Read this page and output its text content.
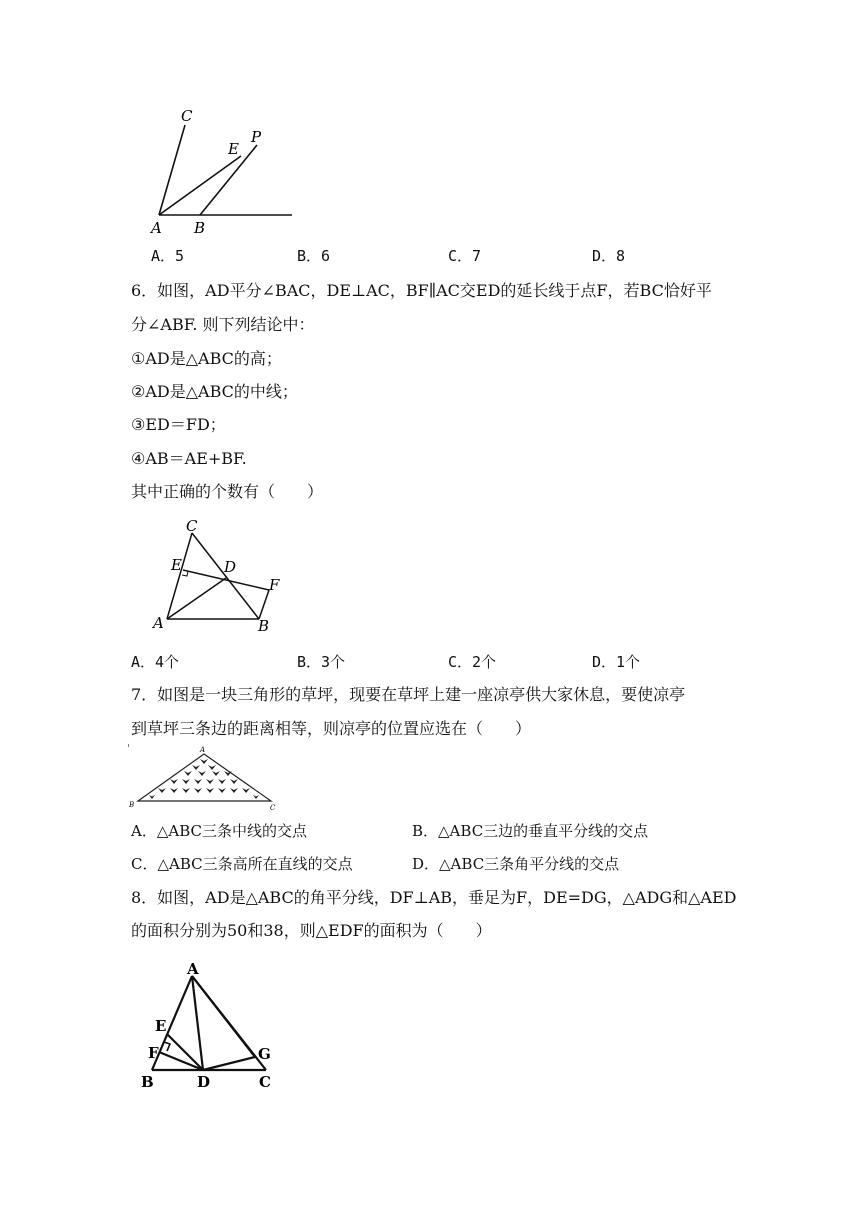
C
P
E
A B
A．5	B．6	C．7	D．8
6．如图，AD平分∠BAC，DE⊥AC，BF∥AC交ED的延长线于点F，若BC恰好平
分∠ABF. 则下列结论中：
①AD是△ABC的高；
②AD是△ABC的中线；
③ED＝FD；
④AB＝AE+BF.
其中正确的个数有（　　）
C
E	D
F
A	B
A．4个	B．3个	C．2个	D．1个
7．如图是一块三角形的草坪，现要在草坪上建一座凉亭供大家休息，要使凉亭
到草坪三条边的距离相等，则凉亭的位置应选在（　　）
A
B	C
A．△ABC三条中线的交点	B．△ABC三边的垂直平分线的交点
C．△ABC三条高所在直线的交点	D．△ABC三条角平分线的交点
8．如图，AD是△ABC的角平分线，DF⊥AB，垂足为F，DE=DG，△ADG和△AED
的面积分别为50和38，则△EDF的面积为（　　）
A
E
F
B	D	C
G
